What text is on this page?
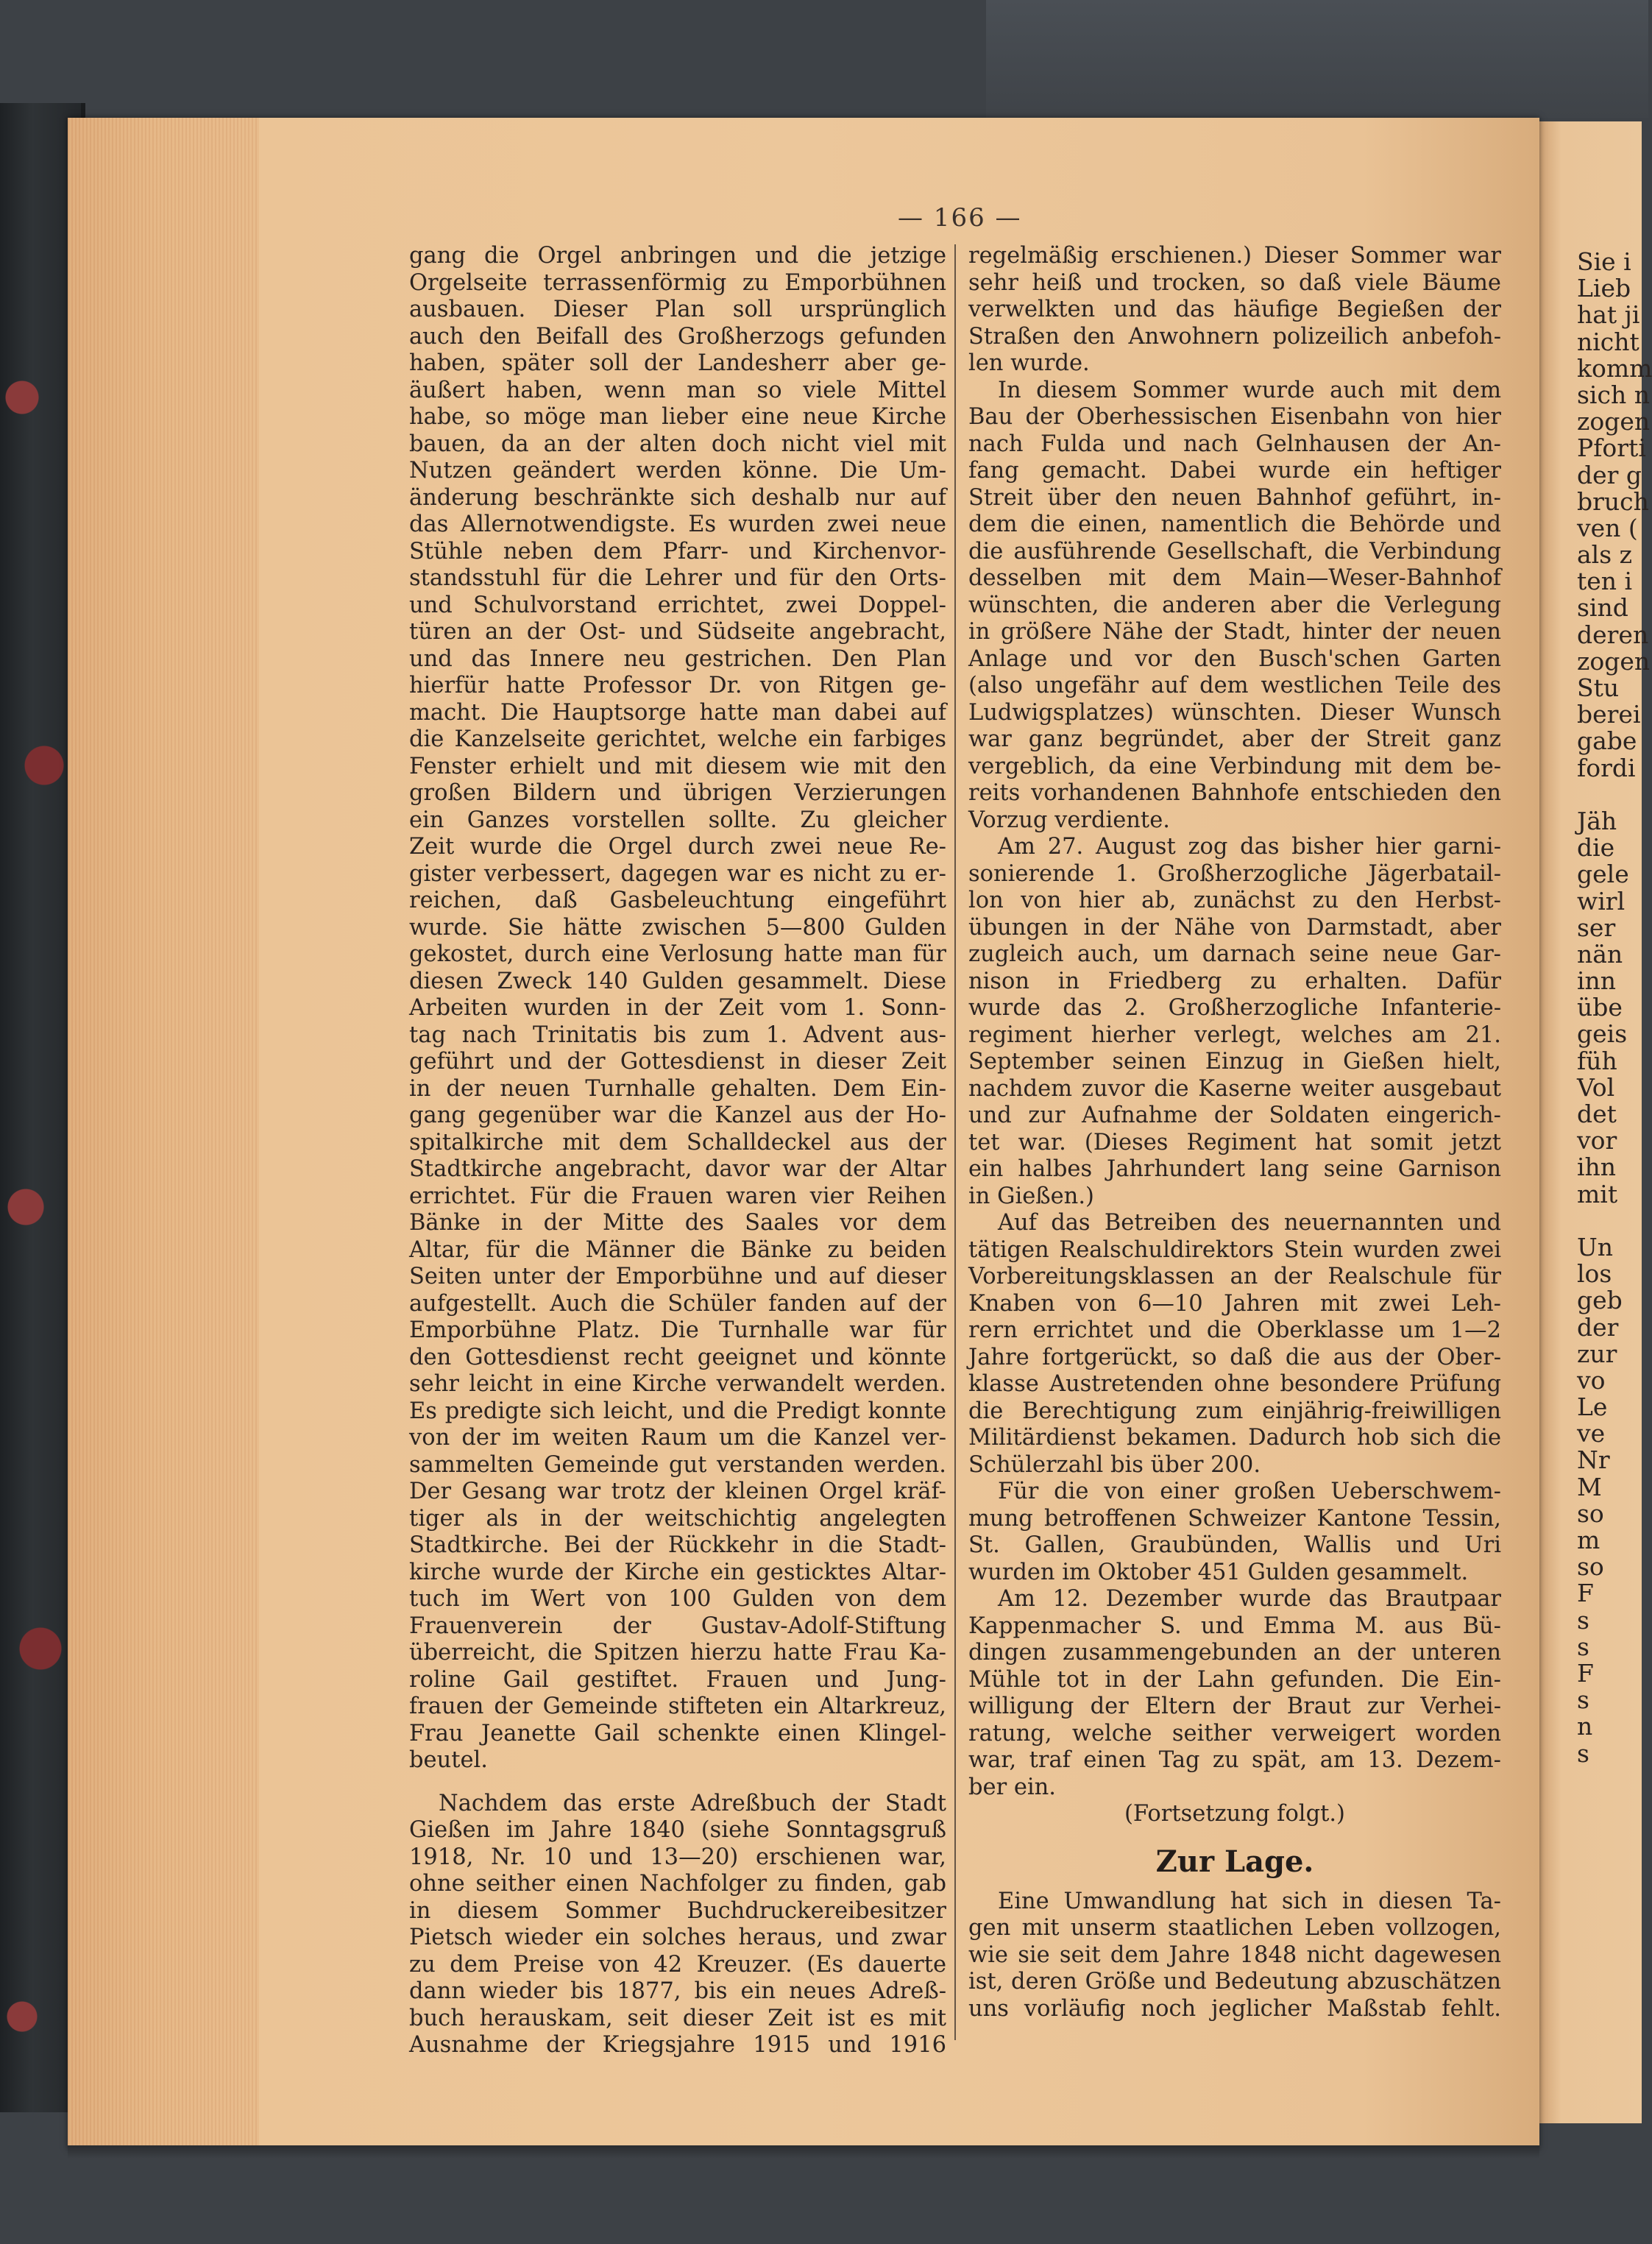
Sie i
Lieb
hat ji
nicht
komm
sich n
zogen
Pforti
der g
bruch
ven (
als z
ten i
sind
deren
zogen
Stu
berei
gabe
fordi
Jäh
die
gele
wirl
ser
nän
inn
übe
geis
füh
Vol
det
vor
ihn
mit
Un
los
geb
der
zur
vo
Le
ve
Nr
M
so
m
so
F
s
s
F
s
n
s
— 166 —
gang die Orgel anbringen und die jetzige
Orgelseite terrassenförmig zu Emporbühnen
ausbauen. Dieser Plan soll ursprünglich
auch den Beifall des Großherzogs gefunden
haben, später soll der Landesherr aber ge-
äußert haben, wenn man so viele Mittel
habe, so möge man lieber eine neue Kirche
bauen, da an der alten doch nicht viel mit
Nutzen geändert werden könne. Die Um-
änderung beschränkte sich deshalb nur auf
das Allernotwendigste. Es wurden zwei neue
Stühle neben dem Pfarr- und Kirchenvor-
standsstuhl für die Lehrer und für den Orts-
und Schulvorstand errichtet, zwei Doppel-
türen an der Ost- und Südseite angebracht,
und das Innere neu gestrichen. Den Plan
hierfür hatte Professor Dr. von Ritgen ge-
macht. Die Hauptsorge hatte man dabei auf
die Kanzelseite gerichtet, welche ein farbiges
Fenster erhielt und mit diesem wie mit den
großen Bildern und übrigen Verzierungen
ein Ganzes vorstellen sollte. Zu gleicher
Zeit wurde die Orgel durch zwei neue Re-
gister verbessert, dagegen war es nicht zu er-
reichen, daß Gasbeleuchtung eingeführt
wurde. Sie hätte zwischen 5—800 Gulden
gekostet, durch eine Verlosung hatte man für
diesen Zweck 140 Gulden gesammelt. Diese
Arbeiten wurden in der Zeit vom 1. Sonn-
tag nach Trinitatis bis zum 1. Advent aus-
geführt und der Gottesdienst in dieser Zeit
in der neuen Turnhalle gehalten. Dem Ein-
gang gegenüber war die Kanzel aus der Ho-
spitalkirche mit dem Schalldeckel aus der
Stadtkirche angebracht, davor war der Altar
errichtet. Für die Frauen waren vier Reihen
Bänke in der Mitte des Saales vor dem
Altar, für die Männer die Bänke zu beiden
Seiten unter der Emporbühne und auf dieser
aufgestellt. Auch die Schüler fanden auf der
Emporbühne Platz. Die Turnhalle war für
den Gottesdienst recht geeignet und könnte
sehr leicht in eine Kirche verwandelt werden.
Es predigte sich leicht, und die Predigt konnte
von der im weiten Raum um die Kanzel ver-
sammelten Gemeinde gut verstanden werden.
Der Gesang war trotz der kleinen Orgel kräf-
tiger als in der weitschichtig angelegten
Stadtkirche. Bei der Rückkehr in die Stadt-
kirche wurde der Kirche ein gesticktes Altar-
tuch im Wert von 100 Gulden von dem
Frauenverein der Gustav-Adolf-Stiftung
überreicht, die Spitzen hierzu hatte Frau Ka-
roline Gail gestiftet. Frauen und Jung-
frauen der Gemeinde stifteten ein Altarkreuz,
Frau Jeanette Gail schenkte einen Klingel-
beutel.
Nachdem das erste Adreßbuch der Stadt
Gießen im Jahre 1840 (siehe Sonntagsgruß
1918, Nr. 10 und 13—20) erschienen war,
ohne seither einen Nachfolger zu finden, gab
in diesem Sommer Buchdruckereibesitzer
Pietsch wieder ein solches heraus, und zwar
zu dem Preise von 42 Kreuzer. (Es dauerte
dann wieder bis 1877, bis ein neues Adreß-
buch herauskam, seit dieser Zeit ist es mit
Ausnahme der Kriegsjahre 1915 und 1916
regelmäßig erschienen.) Dieser Sommer war
sehr heiß und trocken, so daß viele Bäume
verwelkten und das häufige Begießen der
Straßen den Anwohnern polizeilich anbefoh-
len wurde.
In diesem Sommer wurde auch mit dem
Bau der Oberhessischen Eisenbahn von hier
nach Fulda und nach Gelnhausen der An-
fang gemacht. Dabei wurde ein heftiger
Streit über den neuen Bahnhof geführt, in-
dem die einen, namentlich die Behörde und
die ausführende Gesellschaft, die Verbindung
desselben mit dem Main—Weser-Bahnhof
wünschten, die anderen aber die Verlegung
in größere Nähe der Stadt, hinter der neuen
Anlage und vor den Busch'schen Garten
(also ungefähr auf dem westlichen Teile des
Ludwigsplatzes) wünschten. Dieser Wunsch
war ganz begründet, aber der Streit ganz
vergeblich, da eine Verbindung mit dem be-
reits vorhandenen Bahnhofe entschieden den
Vorzug verdiente.
Am 27. August zog das bisher hier garni-
sonierende 1. Großherzogliche Jägerbatail-
lon von hier ab, zunächst zu den Herbst-
übungen in der Nähe von Darmstadt, aber
zugleich auch, um darnach seine neue Gar-
nison in Friedberg zu erhalten. Dafür
wurde das 2. Großherzogliche Infanterie-
regiment hierher verlegt, welches am 21.
September seinen Einzug in Gießen hielt,
nachdem zuvor die Kaserne weiter ausgebaut
und zur Aufnahme der Soldaten eingerich-
tet war. (Dieses Regiment hat somit jetzt
ein halbes Jahrhundert lang seine Garnison
in Gießen.)
Auf das Betreiben des neuernannten und
tätigen Realschuldirektors Stein wurden zwei
Vorbereitungsklassen an der Realschule für
Knaben von 6—10 Jahren mit zwei Leh-
rern errichtet und die Oberklasse um 1—2
Jahre fortgerückt, so daß die aus der Ober-
klasse Austretenden ohne besondere Prüfung
die Berechtigung zum einjährig-freiwilligen
Militärdienst bekamen. Dadurch hob sich die
Schülerzahl bis über 200.
Für die von einer großen Ueberschwem-
mung betroffenen Schweizer Kantone Tessin,
St. Gallen, Graubünden, Wallis und Uri
wurden im Oktober 451 Gulden gesammelt.
Am 12. Dezember wurde das Brautpaar
Kappenmacher S. und Emma M. aus Bü-
dingen zusammengebunden an der unteren
Mühle tot in der Lahn gefunden. Die Ein-
willigung der Eltern der Braut zur Verhei-
ratung, welche seither verweigert worden
war, traf einen Tag zu spät, am 13. Dezem-
ber ein.
(Fortsetzung folgt.)
Zur Lage.
Eine Umwandlung hat sich in diesen Ta-
gen mit unserm staatlichen Leben vollzogen,
wie sie seit dem Jahre 1848 nicht dagewesen
ist, deren Größe und Bedeutung abzuschätzen
uns vorläufig noch jeglicher Maßstab fehlt.
